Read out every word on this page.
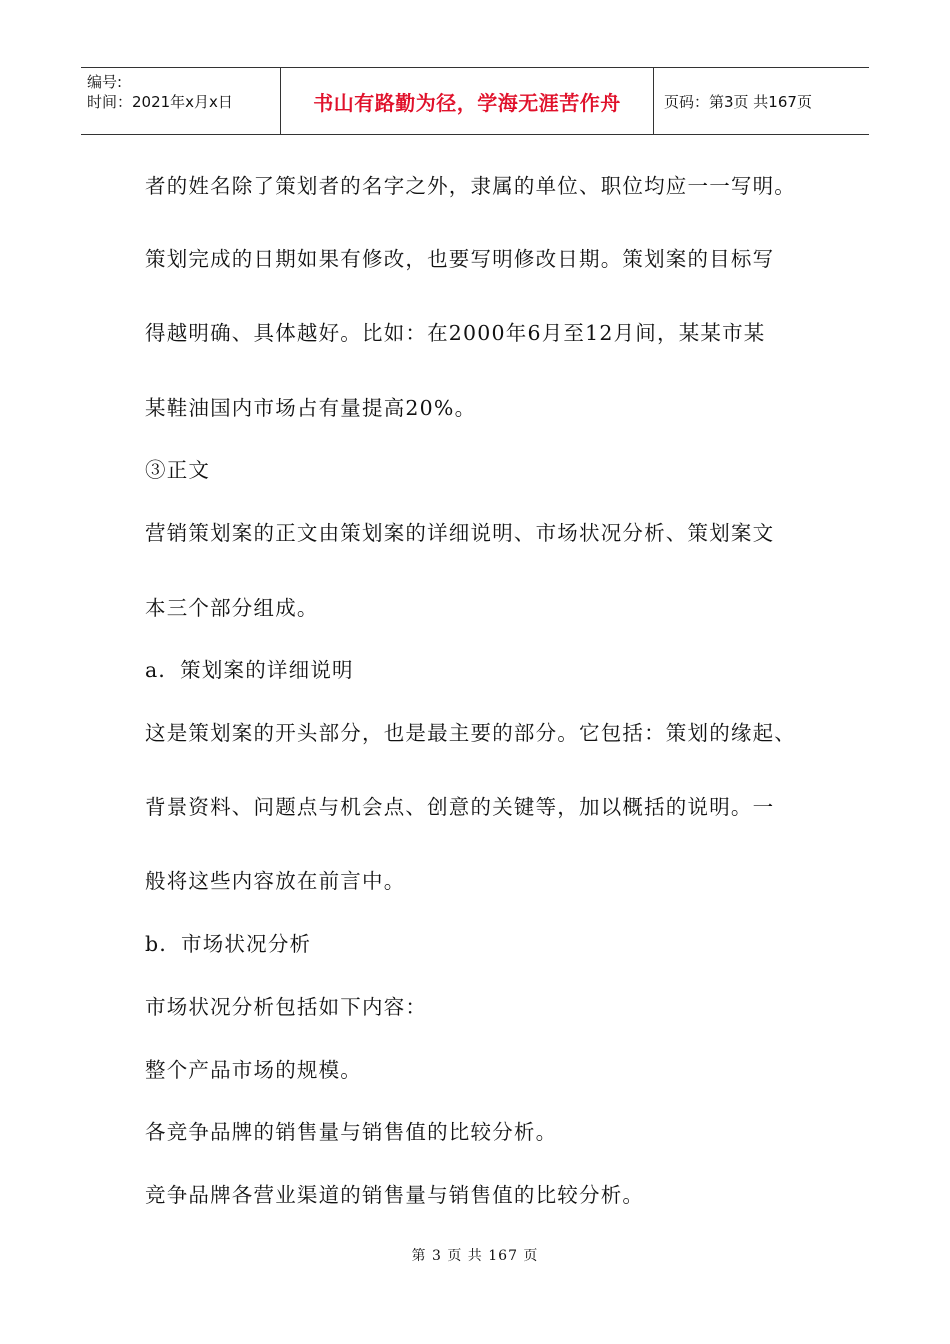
编号:
时间：2021年x月x日	书山有路勤为径，学海无涯苦作舟	页码：第3页 共167页
者的姓名除了策划者的名字之外，隶属的单位、职位均应一一写明。
策划完成的日期如果有修改，也要写明修改日期。策划案的目标写
得越明确、具体越好。比如：在2000年6月至12月间，某某市某
某鞋油国内市场占有量提高20%。
③正文
营销策划案的正文由策划案的详细说明、市场状况分析、策划案文
本三个部分组成。
a．策划案的详细说明
这是策划案的开头部分，也是最主要的部分。它包括：策划的缘起、
背景资料、问题点与机会点、创意的关键等，加以概括的说明。一
般将这些内容放在前言中。
b．市场状况分析
市场状况分析包括如下内容：
整个产品市场的规模。
各竞争品牌的销售量与销售值的比较分析。
竞争品牌各营业渠道的销售量与销售值的比较分析。
第 3 页 共 167 页
